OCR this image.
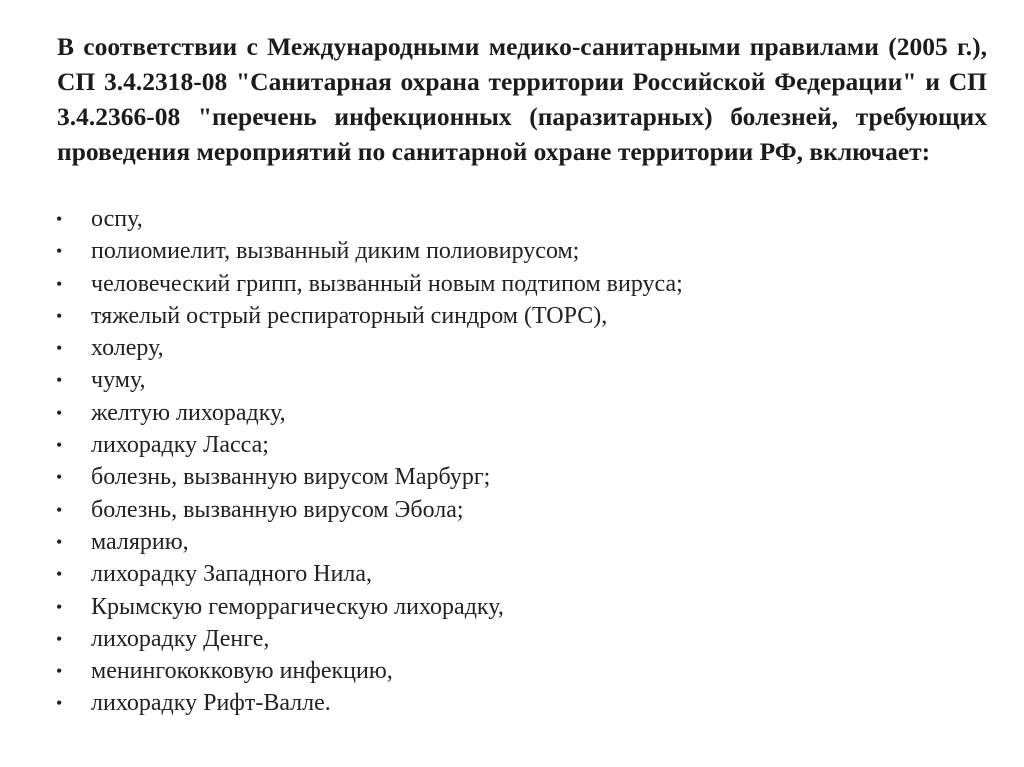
В соответствии с Международными медико-санитарными правилами (2005 г.), СП 3.4.2318-08 "Санитарная охрана территории Российской Федерации" и СП 3.4.2366-08 "перечень инфекционных (паразитарных) болезней, требующих проведения мероприятий по санитарной охране территории РФ, включает:

• оспу,
• полиомиелит, вызванный диким полиовирусом;
• человеческий грипп, вызванный новым подтипом вируса;
• тяжелый острый респираторный синдром (ТОРС),
• холеру,
• чуму,
• желтую лихорадку,
• лихорадку Ласса;
• болезнь, вызванную вирусом Марбург;
• болезнь, вызванную вирусом Эбола;
• малярию,
• лихорадку Западного Нила,
• Крымскую геморрагическую лихорадку,
• лихорадку Денге,
• менингококковую инфекцию,
• лихорадку Рифт-Валле.
